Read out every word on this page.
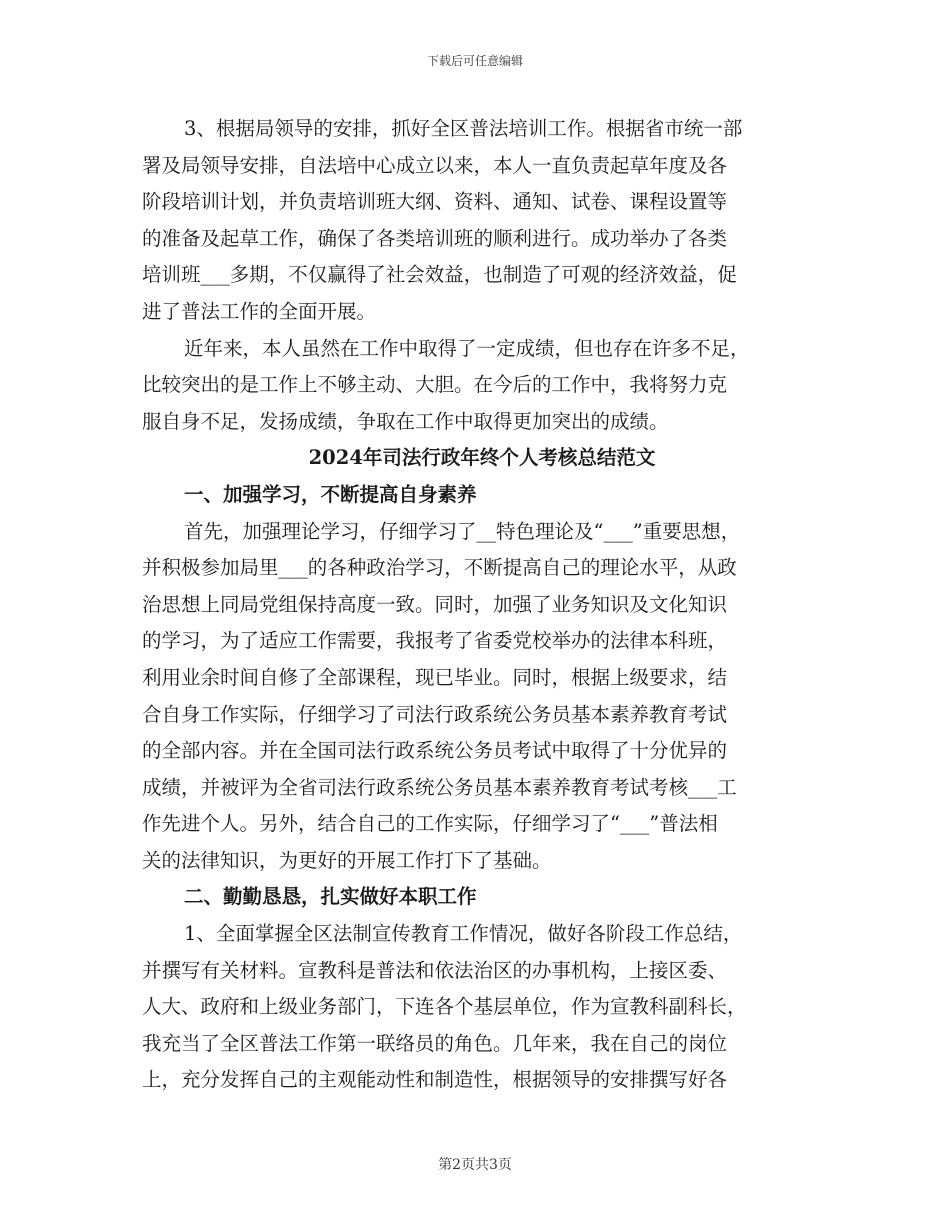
下载后可任意编辑
3、根据局领导的安排，抓好全区普法培训工作。根据省市统一部
署及局领导安排，自法培中心成立以来，本人一直负责起草年度及各
阶段培训计划，并负责培训班大纲、资料、通知、试卷、课程设置等
的准备及起草工作，确保了各类培训班的顺利进行。成功举办了各类
培训班___多期，不仅赢得了社会效益，也制造了可观的经济效益，促
进了普法工作的全面开展。
近年来，本人虽然在工作中取得了一定成绩，但也存在许多不足，
比较突出的是工作上不够主动、大胆。在今后的工作中，我将努力克
服自身不足，发扬成绩，争取在工作中取得更加突出的成绩。
2024年司法行政年终个人考核总结范文
一、加强学习，不断提高自身素养
首先，加强理论学习，仔细学习了__特色理论及“___”重要思想，
并积极参加局里___的各种政治学习，不断提高自己的理论水平，从政
治思想上同局党组保持高度一致。同时，加强了业务知识及文化知识
的学习，为了适应工作需要，我报考了省委党校举办的法律本科班，
利用业余时间自修了全部课程，现已毕业。同时，根据上级要求，结
合自身工作实际，仔细学习了司法行政系统公务员基本素养教育考试
的全部内容。并在全国司法行政系统公务员考试中取得了十分优异的
成绩，并被评为全省司法行政系统公务员基本素养教育考试考核___工
作先进个人。另外，结合自己的工作实际，仔细学习了“___”普法相
关的法律知识，为更好的开展工作打下了基础。
二、勤勤恳恳，扎实做好本职工作
1、全面掌握全区法制宣传教育工作情况，做好各阶段工作总结，
并撰写有关材料。宣教科是普法和依法治区的办事机构，上接区委、
人大、政府和上级业务部门，下连各个基层单位，作为宣教科副科长，
我充当了全区普法工作第一联络员的角色。几年来，我在自己的岗位
上，充分发挥自己的主观能动性和制造性，根据领导的安排撰写好各
第2页共3页
